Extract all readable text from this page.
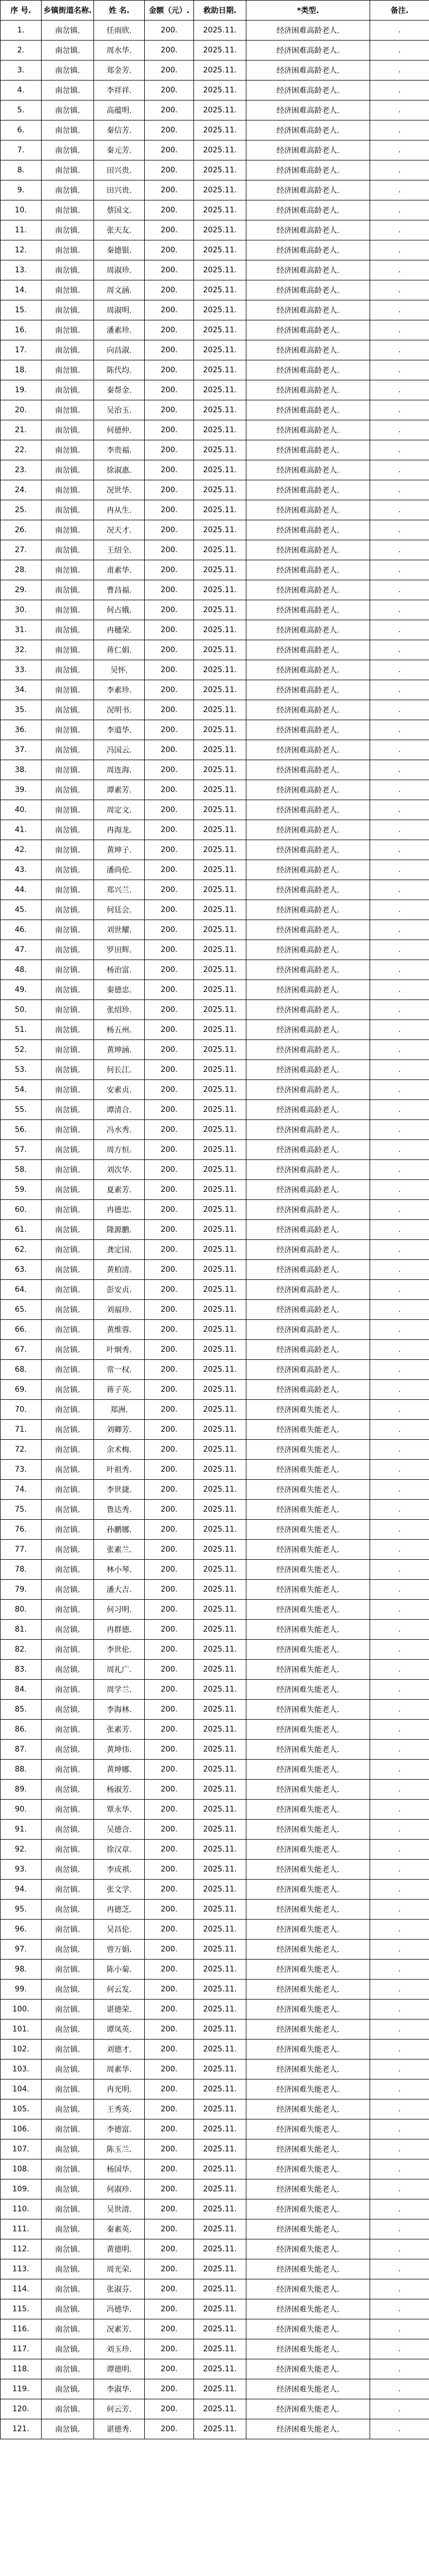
序 号.	乡镇街道名称.	姓 名.	金额（元）.	救助日期.	*类型.	备注.
1.	南岔镇.	任雨欣.	200.	2025.11.	经济困难高龄老人.	.
2.	南岔镇.	周水华.	200.	2025.11.	经济困难高龄老人.	.
3.	南岔镇.	郑金芳.	200.	2025.11.	经济困难高龄老人.	.
4.	南岔镇.	李祥祥.	200.	2025.11.	经济困难高龄老人.	.
5.	南岔镇.	高蕴明.	200.	2025.11.	经济困难高龄老人.	.
6.	南岔镇.	秦信芳.	200.	2025.11.	经济困难高龄老人.	.
7.	南岔镇.	秦元芳.	200.	2025.11.	经济困难高龄老人.	.
8.	南岔镇.	田兴贵.	200.	2025.11.	经济困难高龄老人.	.
9.	南岔镇.	田兴贵.	200.	2025.11.	经济困难高龄老人.	.
10.	南岔镇.	蔡国文.	200.	2025.11.	经济困难高龄老人.	.
11.	南岔镇.	张天友.	200.	2025.11.	经济困难高龄老人.	.
12.	南岔镇.	秦德银.	200.	2025.11.	经济困难高龄老人.	.
13.	南岔镇.	周淑珍.	200.	2025.11.	经济困难高龄老人.	.
14.	南岔镇.	周文涵.	200.	2025.11.	经济困难高龄老人.	.
15.	南岔镇.	周淑明.	200.	2025.11.	经济困难高龄老人.	.
16.	南岔镇.	潘素珍.	200.	2025.11.	经济困难高龄老人.	.
17.	南岔镇.	向昌淑.	200.	2025.11.	经济困难高龄老人.	.
18.	南岔镇.	陈代均.	200.	2025.11.	经济困难高龄老人.	.
19.	南岔镇.	秦帮金.	200.	2025.11.	经济困难高龄老人.	.
20.	南岔镇.	吴治玉.	200.	2025.11.	经济困难高龄老人.	.
21.	南岔镇.	何德仲.	200.	2025.11.	经济困难高龄老人.	.
22.	南岔镇.	李贵福.	200.	2025.11.	经济困难高龄老人.	.
23.	南岔镇.	徐淑惠.	200.	2025.11.	经济困难高龄老人.	.
24.	南岔镇.	况世华.	200.	2025.11.	经济困难高龄老人.	.
25.	南岔镇.	冉从生.	200.	2025.11.	经济困难高龄老人.	.
26.	南岔镇.	况天才.	200.	2025.11.	经济困难高龄老人.	.
27.	南岔镇.	王绍全.	200.	2025.11.	经济困难高龄老人.	.
28.	南岔镇.	甫素华.	200.	2025.11.	经济困难高龄老人.	.
29.	南岔镇.	曹昌福.	200.	2025.11.	经济困难高龄老人.	.
30.	南岔镇.	何占娥.	200.	2025.11.	经济困难高龄老人.	.
31.	南岔镇.	冉穗荣.	200.	2025.11.	经济困难高龄老人.	.
32.	南岔镇.	蒋仁娟.	200.	2025.11.	经济困难高龄老人.	.
33.	南岔镇.	吴怀.	200.	2025.11.	经济困难高龄老人.	.
34.	南岔镇.	李素珍.	200.	2025.11.	经济困难高龄老人.	.
35.	南岔镇.	况明书.	200.	2025.11.	经济困难高龄老人.	.
36.	南岔镇.	李道华.	200.	2025.11.	经济困难高龄老人.	.
37.	南岔镇.	冯国云.	200.	2025.11.	经济困难高龄老人.	.
38.	南岔镇.	周连海.	200.	2025.11.	经济困难高龄老人.	.
39.	南岔镇.	谭素芳.	200.	2025.11.	经济困难高龄老人.	.
40.	南岔镇.	周定文.	200.	2025.11.	经济困难高龄老人.	.
41.	南岔镇.	冉海龙.	200.	2025.11.	经济困难高龄老人.	.
42.	南岔镇.	黄坤子.	200.	2025.11.	经济困难高龄老人.	.
43.	南岔镇.	潘尚伦.	200.	2025.11.	经济困难高龄老人.	.
44.	南岔镇.	郑兴兰.	200.	2025.11.	经济困难高龄老人.	.
45.	南岔镇.	何廷会.	200.	2025.11.	经济困难高龄老人.	.
46.	南岔镇.	刘世耀.	200.	2025.11.	经济困难高龄老人.	.
47.	南岔镇.	罗田辉.	200.	2025.11.	经济困难高龄老人.	.
48.	南岔镇.	杨治富.	200.	2025.11.	经济困难高龄老人.	.
49.	南岔镇.	秦德忠.	200.	2025.11.	经济困难高龄老人.	.
50.	南岔镇.	张绍珍.	200.	2025.11.	经济困难高龄老人.	.
51.	南岔镇.	杨五州.	200.	2025.11.	经济困难高龄老人.	.
52.	南岔镇.	黄坤涵.	200.	2025.11.	经济困难高龄老人.	.
53.	南岔镇.	何长江.	200.	2025.11.	经济困难高龄老人.	.
54.	南岔镇.	安素贞.	200.	2025.11.	经济困难高龄老人.	.
55.	南岔镇.	谭清合.	200.	2025.11.	经济困难高龄老人.	.
56.	南岔镇.	冯水秀.	200.	2025.11.	经济困难高龄老人.	.
57.	南岔镇.	周方恒.	200.	2025.11.	经济困难高龄老人.	.
58.	南岔镇.	刘次华.	200.	2025.11.	经济困难高龄老人.	.
59.	南岔镇.	夏素芳.	200.	2025.11.	经济困难高龄老人.	.
60.	南岔镇.	冉德忠.	200.	2025.11.	经济困难高龄老人.	.
61.	南岔镇.	隆源鹏.	200.	2025.11.	经济困难高龄老人.	.
62.	南岔镇.	龚定国.	200.	2025.11.	经济困难高龄老人.	.
63.	南岔镇.	黄柏清.	200.	2025.11.	经济困难高龄老人.	.
64.	南岔镇.	彭安贞.	200.	2025.11.	经济困难高龄老人.	.
65.	南岔镇.	刘福珍.	200.	2025.11.	经济困难高龄老人.	.
66.	南岔镇.	黄维蓉.	200.	2025.11.	经济困难高龄老人.	.
67.	南岔镇.	叶炯秀.	200.	2025.11.	经济困难高龄老人.	.
68.	南岔镇.	常一权.	200.	2025.11.	经济困难高龄老人.	.
69.	南岔镇.	蒋子英.	200.	2025.11.	经济困难高龄老人.	.
70.	南岔镇.	郑洲.	200.	2025.11.	经济困难失能老人.	.
71.	南岔镇.	刘卿芳.	200.	2025.11.	经济困难失能老人.	.
72.	南岔镇.	余术梅.	200.	2025.11.	经济困难失能老人.	.
73.	南岔镇.	叶祖秀.	200.	2025.11.	经济困难失能老人.	.
74.	南岔镇.	李世捷.	200.	2025.11.	经济困难失能老人.	.
75.	南岔镇.	鲁达秀.	200.	2025.11.	经济困难失能老人.	.
76.	南岔镇.	孙鹏娜.	200.	2025.11.	经济困难失能老人.	.
77.	南岔镇.	张素兰.	200.	2025.11.	经济困难失能老人.	.
78.	南岔镇.	林小琴.	200.	2025.11.	经济困难失能老人.	.
79.	南岔镇.	潘大吉.	200.	2025.11.	经济困难失能老人.	.
80.	南岔镇.	何习明.	200.	2025.11.	经济困难失能老人.	.
81.	南岔镇.	冉群德.	200.	2025.11.	经济困难失能老人.	.
82.	南岔镇.	李世伦.	200.	2025.11.	经济困难失能老人.	.
83.	南岔镇.	周礼广.	200.	2025.11.	经济困难失能老人.	.
84.	南岔镇.	周学兰.	200.	2025.11.	经济困难失能老人.	.
85.	南岔镇.	李海林.	200.	2025.11.	经济困难失能老人.	.
86.	南岔镇.	张素芳.	200.	2025.11.	经济困难失能老人.	.
87.	南岔镇.	黄坤伟.	200.	2025.11.	经济困难失能老人.	.
88.	南岔镇.	黄坤娜.	200.	2025.11.	经济困难失能老人.	.
89.	南岔镇.	杨淑芳.	200.	2025.11.	经济困难失能老人.	.
90.	南岔镇.	覃永华.	200.	2025.11.	经济困难失能老人.	.
91.	南岔镇.	吴德合.	200.	2025.11.	经济困难失能老人.	.
92.	南岔镇.	徐汉章.	200.	2025.11.	经济困难失能老人.	.
93.	南岔镇.	李成祺.	200.	2025.11.	经济困难失能老人.	.
94.	南岔镇.	张文学.	200.	2025.11.	经济困难失能老人.	.
95.	南岔镇.	冉德芝.	200.	2025.11.	经济困难失能老人.	.
96.	南岔镇.	吴昌伦.	200.	2025.11.	经济困难失能老人.	.
97.	南岔镇.	曾万娟.	200.	2025.11.	经济困难失能老人.	.
98.	南岔镇.	陈小菊.	200.	2025.11.	经济困难失能老人.	.
99.	南岔镇.	何云发.	200.	2025.11.	经济困难失能老人.	.
100.	南岔镇.	谌德荣.	200.	2025.11.	经济困难失能老人.	.
101.	南岔镇.	谭凤英.	200.	2025.11.	经济困难失能老人.	.
102.	南岔镇.	刘德才.	200.	2025.11.	经济困难失能老人.	.
103.	南岔镇.	周素华.	200.	2025.11.	经济困难失能老人.	.
104.	南岔镇.	冉光明.	200.	2025.11.	经济困难失能老人.	.
105.	南岔镇.	王秀英.	200.	2025.11.	经济困难失能老人.	.
106.	南岔镇.	李德富.	200.	2025.11.	经济困难失能老人.	.
107.	南岔镇.	陈玉兰.	200.	2025.11.	经济困难失能老人.	.
108.	南岔镇.	杨国华.	200.	2025.11.	经济困难失能老人.	.
109.	南岔镇.	何淑珍.	200.	2025.11.	经济困难失能老人.	.
110.	南岔镇.	吴世清.	200.	2025.11.	经济困难失能老人.	.
111.	南岔镇.	秦素英.	200.	2025.11.	经济困难失能老人.	.
112.	南岔镇.	黄德明.	200.	2025.11.	经济困难失能老人.	.
113.	南岔镇.	周光荣.	200.	2025.11.	经济困难失能老人.	.
114.	南岔镇.	张淑芬.	200.	2025.11.	经济困难失能老人.	.
115.	南岔镇.	冯德华.	200.	2025.11.	经济困难失能老人.	.
116.	南岔镇.	况素芳.	200.	2025.11.	经济困难失能老人.	.
117.	南岔镇.	刘玉珍.	200.	2025.11.	经济困难失能老人.	.
118.	南岔镇.	谭德明.	200.	2025.11.	经济困难失能老人.	.
119.	南岔镇.	李淑华.	200.	2025.11.	经济困难失能老人.	.
120.	南岔镇.	何云芳.	200.	2025.11.	经济困难失能老人.	.
121.	南岔镇.	谌德秀.	200.	2025.11.	经济困难失能老人.	.
